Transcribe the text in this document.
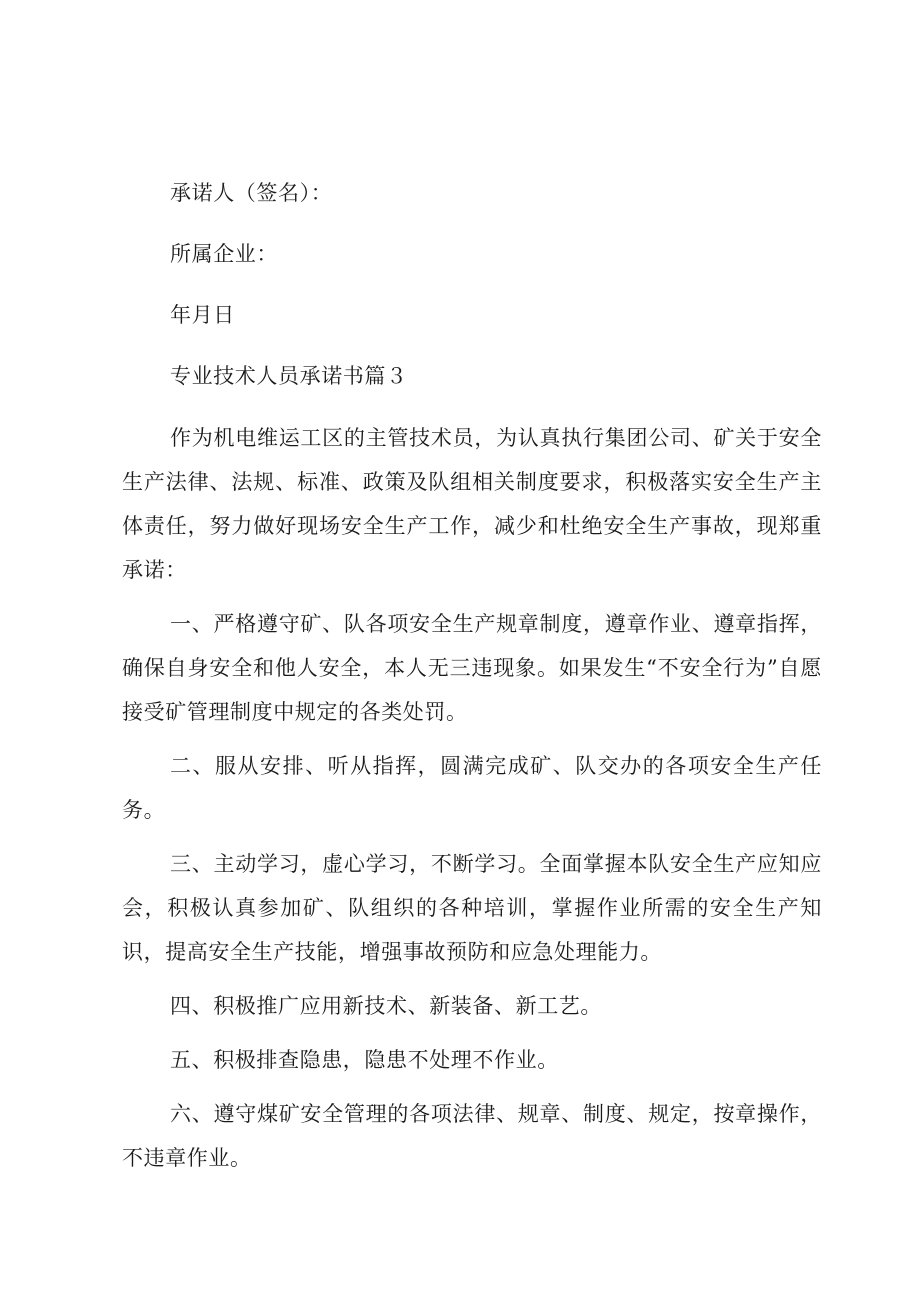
承诺人（签名）：

所属企业：

年月日

专业技术人员承诺书篇３

作为机电维运工区的主管技术员，为认真执行集团公司、矿关于安全生产法律、法规、标准、政策及队组相关制度要求，积极落实安全生产主体责任，努力做好现场安全生产工作，减少和杜绝安全生产事故，现郑重承诺：

一、严格遵守矿、队各项安全生产规章制度，遵章作业、遵章指挥，确保自身安全和他人安全，本人无三违现象。如果发生“不安全行为”自愿接受矿管理制度中规定的各类处罚。

二、服从安排、听从指挥，圆满完成矿、队交办的各项安全生产任务。

三、主动学习，虚心学习，不断学习。全面掌握本队安全生产应知应会，积极认真参加矿、队组织的各种培训，掌握作业所需的安全生产知识，提高安全生产技能，增强事故预防和应急处理能力。

四、积极推广应用新技术、新装备、新工艺。

五、积极排查隐患，隐患不处理不作业。

六、遵守煤矿安全管理的各项法律、规章、制度、规定，按章操作，不违章作业。
